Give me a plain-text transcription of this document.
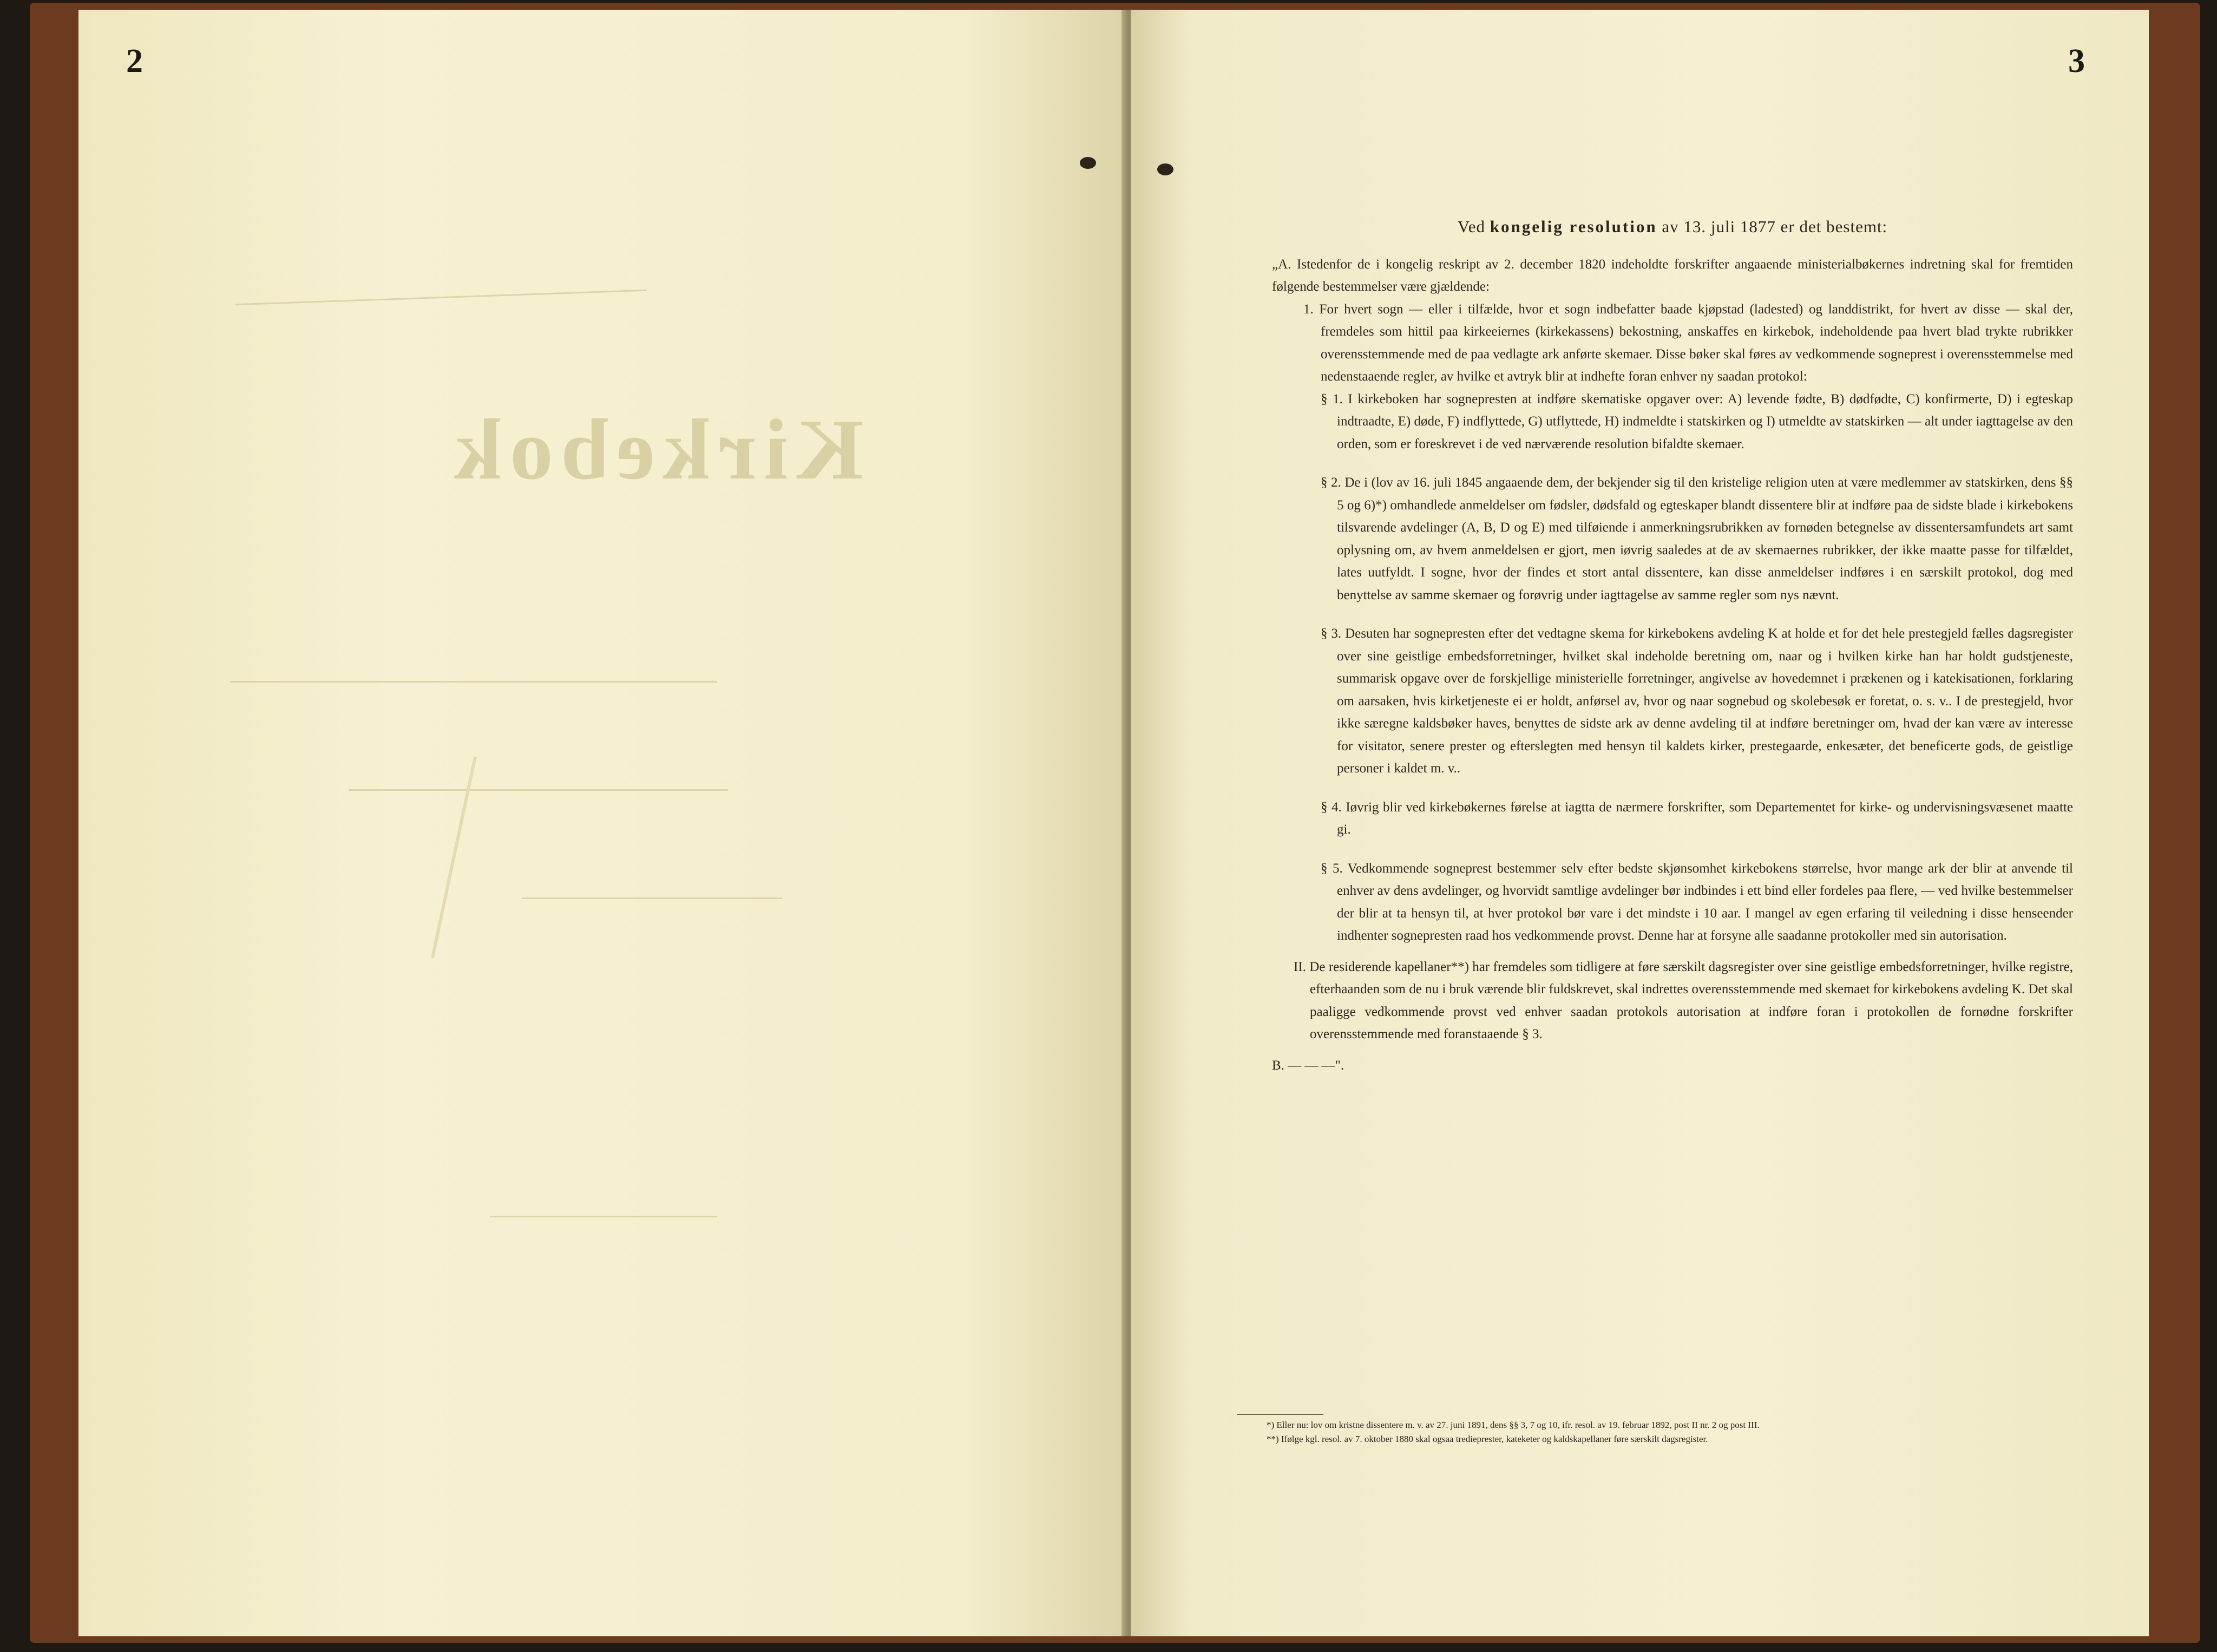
2
Kirkebok
3
Ved kongelig resolution av 13. juli 1877 er det bestemt:
„A. Istedenfor de i kongelig reskript av 2. december 1820 indeholdte forskrifter angaaende ministerialbøkernes indretning skal for fremtiden følgende bestemmelser være gjældende:
1. For hvert sogn — eller i tilfælde, hvor et sogn indbefatter baade kjøpstad (ladested) og landdistrikt, for hvert av disse — skal der, fremdeles som hittil paa kirkeeiernes (kirkekassens) bekostning, anskaffes en kirkebok, indeholdende paa hvert blad trykte rubrikker overensstemmende med de paa vedlagte ark anførte skemaer. Disse bøker skal føres av vedkommende sogneprest i overensstemmelse med nedenstaaende regler, av hvilke et avtryk blir at indhefte foran enhver ny saadan protokol:
§ 1. I kirkeboken har sognepresten at indføre skematiske opgaver over: A) levende fødte, B) dødfødte, C) konfirmerte, D) i egteskap indtraadte, E) døde, F) indflyttede, G) utflyttede, H) indmeldte i statskirken og I) utmeldte av statskirken — alt under iagttagelse av den orden, som er foreskrevet i de ved nærværende resolution bifaldte skemaer.
§ 2. De i (lov av 16. juli 1845 angaaende dem, der bekjender sig til den kristelige religion uten at være medlemmer av statskirken, dens §§ 5 og 6)*) omhandlede anmeldelser om fødsler, dødsfald og egteskaper blandt dissentere blir at indføre paa de sidste blade i kirkebokens tilsvarende avdelinger (A, B, D og E) med tilføiende i anmerkningsrubrikken av fornøden betegnelse av dissentersamfundets art samt oplysning om, av hvem anmeldelsen er gjort, men iøvrig saaledes at de av skemaernes rubrikker, der ikke maatte passe for tilfældet, lates uutfyldt. I sogne, hvor der findes et stort antal dissentere, kan disse anmeldelser indføres i en særskilt protokol, dog med benyttelse av samme skemaer og forøvrig under iagttagelse av samme regler som nys nævnt.
§ 3. Desuten har sognepresten efter det vedtagne skema for kirkebokens avdeling K at holde et for det hele prestegjeld fælles dagsregister over sine geistlige embedsforretninger, hvilket skal indeholde beretning om, naar og i hvilken kirke han har holdt gudstjeneste, summarisk opgave over de forskjellige ministerielle forretninger, angivelse av hovedemnet i prækenen og i katekisationen, forklaring om aarsaken, hvis kirketjeneste ei er holdt, anførsel av, hvor og naar sognebud og skolebesøk er foretat, o. s. v.. I de prestegjeld, hvor ikke særegne kaldsbøker haves, benyttes de sidste ark av denne avdeling til at indføre beretninger om, hvad der kan være av interesse for visitator, senere prester og efterslegten med hensyn til kaldets kirker, prestegaarde, enkesæter, det beneficerte gods, de geistlige personer i kaldet m. v..
§ 4. Iøvrig blir ved kirkebøkernes førelse at iagtta de nærmere forskrifter, som Departementet for kirke- og undervisningsvæsenet maatte gi.
§ 5. Vedkommende sogneprest bestemmer selv efter bedste skjønsomhet kirkebokens størrelse, hvor mange ark der blir at anvende til enhver av dens avdelinger, og hvorvidt samtlige avdelinger bør indbindes i ett bind eller fordeles paa flere, — ved hvilke bestemmelser der blir at ta hensyn til, at hver protokol bør vare i det mindste i 10 aar. I mangel av egen erfaring til veiledning i disse henseender indhenter sognepresten raad hos vedkommende provst. Denne har at forsyne alle saadanne protokoller med sin autorisation.
II. De residerende kapellaner**) har fremdeles som tidligere at føre særskilt dagsregister over sine geistlige embedsforretninger, hvilke registre, efterhaanden som de nu i bruk værende blir fuldskrevet, skal indrettes overensstemmende med skemaet for kirkebokens avdeling K. Det skal paaligge vedkommende provst ved enhver saadan protokols autorisation at indføre foran i protokollen de fornødne forskrifter overensstemmende med foranstaaende § 3.
B. — — —".
*) Eller nu: lov om kristne dissentere m. v. av 27. juni 1891, dens §§ 3, 7 og 10, ifr. resol. av 19. februar 1892, post II nr. 2 og post III.
**) Ifølge kgl. resol. av 7. oktober 1880 skal ogsaa tredieprester, kateketer og kaldskapellaner føre særskilt dagsregister.
